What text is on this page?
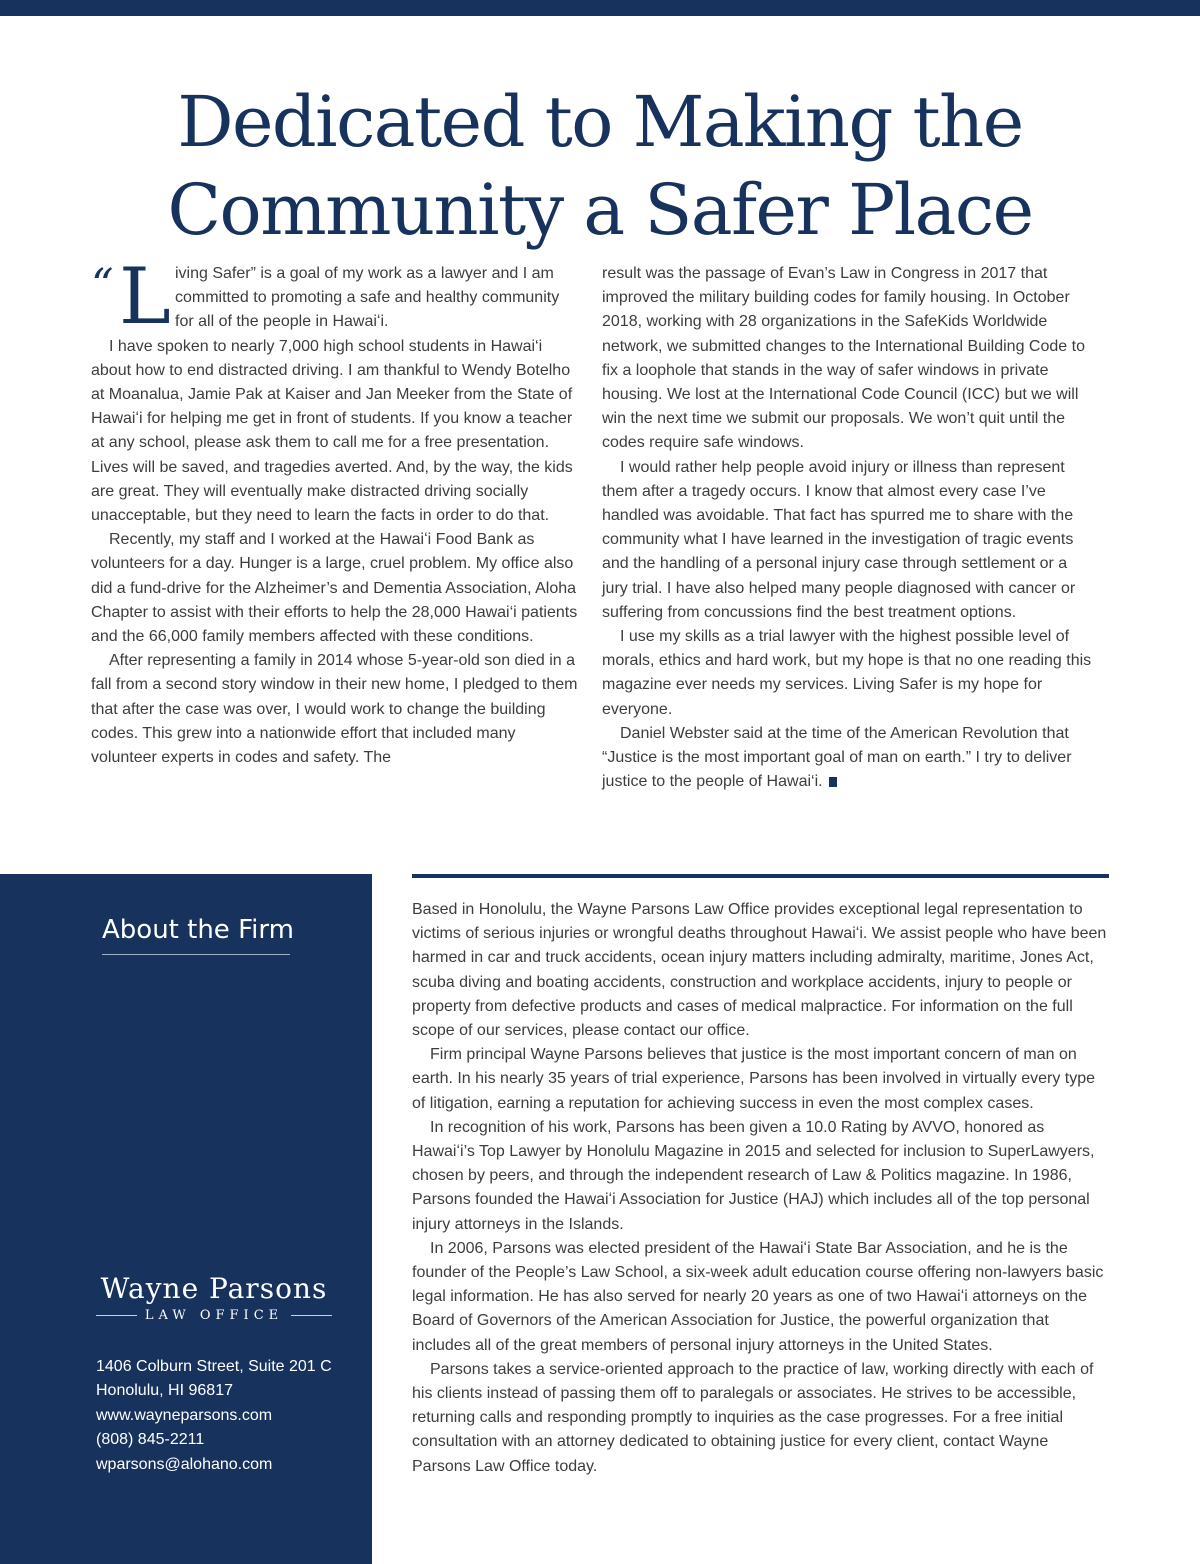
Dedicated to Making the
Community a Safer Place
“ L iving Safer” is a goal of my work as a lawyer and I am committed to promoting a safe and healthy community for all of the people in Hawaiʻi.

I have spoken to nearly 7,000 high school students in Hawai‘i about how to end distracted driving. I am thankful to Wendy Botelho at Moanalua, Jamie Pak at Kaiser and Jan Meeker from the State of Hawaiʻi for helping me get in front of students. If you know a teacher at any school, please ask them to call me for a free presentation. Lives will be saved, and tragedies averted. And, by the way, the kids are great. They will eventually make distracted driving socially unacceptable, but they need to learn the facts in order to do that.

Recently, my staff and I worked at the Hawaiʻi Food Bank as volunteers for a day. Hunger is a large, cruel problem. My office also did a fund-drive for the Alzheimer’s and Dementia Association, Aloha Chapter to assist with their efforts to help the 28,000 Hawai‘i patients and the 66,000 family members affected with these conditions.

After representing a family in 2014 whose 5-year-old son died in a fall from a second story window in their new home, I pledged to them that after the case was over, I would work to change the building codes. This grew into a nationwide effort that included many volunteer experts in codes and safety. The

result was the passage of Evan’s Law in Congress in 2017 that improved the military building codes for family housing. In October 2018, working with 28 organizations in the SafeKids Worldwide network, we submitted changes to the International Building Code to fix a loophole that stands in the way of safer windows in private housing. We lost at the International Code Council (ICC) but we will win the next time we submit our proposals. We won’t quit until the codes require safe windows.

I would rather help people avoid injury or illness than represent them after a tragedy occurs. I know that almost every case I’ve handled was avoidable. That fact has spurred me to share with the community what I have learned in the investigation of tragic events and the handling of a personal injury case through settlement or a jury trial. I have also helped many people diagnosed with cancer or suffering from concussions find the best treatment options.

I use my skills as a trial lawyer with the highest possible level of morals, ethics and hard work, but my hope is that no one reading this magazine ever needs my services. Living Safer is my hope for everyone.

Daniel Webster said at the time of the American Revolution that “Justice is the most important goal of man on earth.” I try to deliver justice to the people of Hawai‘i.

About the Firm
Wayne Parsons
LAW OFFICE
1406 Colburn Street, Suite 201 C
Honolulu, HI 96817
www.wayneparsons.com
(808) 845-2211
wparsons@alohano.com

Based in Honolulu, the Wayne Parsons Law Office provides exceptional legal representation to victims of serious injuries or wrongful deaths throughout Hawaiʻi. We assist people who have been harmed in car and truck accidents, ocean injury matters including admiralty, maritime, Jones Act, scuba diving and boating accidents, construction and workplace accidents, injury to people or property from defective products and cases of medical malpractice. For information on the full scope of our services, please contact our office.

Firm principal Wayne Parsons believes that justice is the most important concern of man on earth. In his nearly 35 years of trial experience, Parsons has been involved in virtually every type of litigation, earning a reputation for achieving success in even the most complex cases.

In recognition of his work, Parsons has been given a 10.0 Rating by AVVO, honored as Hawaiʻi’s Top Lawyer by Honolulu Magazine in 2015 and selected for inclusion to SuperLawyers, chosen by peers, and through the independent research of Law & Politics magazine. In 1986, Parsons founded the Hawaiʻi Association for Justice (HAJ) which includes all of the top personal injury attorneys in the Islands.

In 2006, Parsons was elected president of the Hawaiʻi State Bar Association, and he is the founder of the People’s Law School, a six-week adult education course offering non-lawyers basic legal information. He has also served for nearly 20 years as one of two Hawaiʻi attorneys on the Board of Governors of the American Association for Justice, the powerful organization that includes all of the great members of personal injury attorneys in the United States.

Parsons takes a service-oriented approach to the practice of law, working directly with each of his clients instead of passing them off to paralegals or associates. He strives to be accessible, returning calls and responding promptly to inquiries as the case progresses. For a free initial consultation with an attorney dedicated to obtaining justice for every client, contact Wayne Parsons Law Office today.
